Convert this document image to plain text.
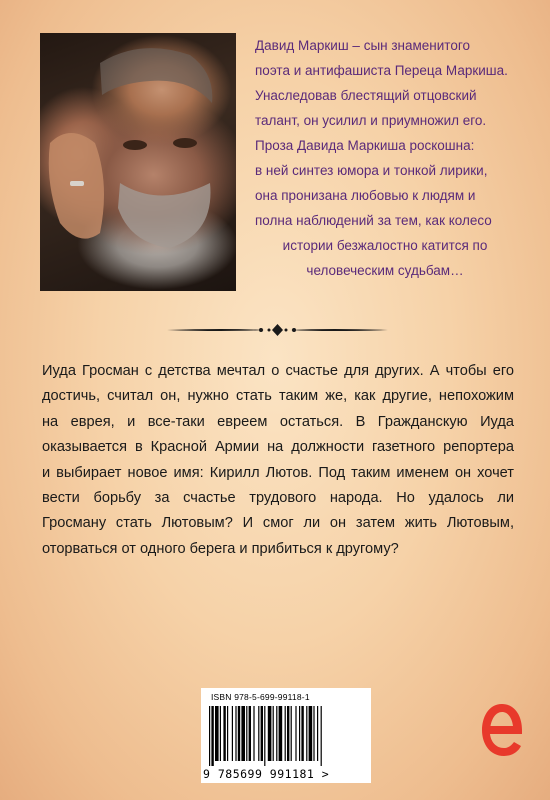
Давид Маркиш – сын знаменитого
поэта и антифашиста Переца Маркиша.
Унаследовав блестящий отцовский
талант, он усилил и приумножил его.
Проза Давида Маркиша роскошна:
в ней синтез юмора и тонкой лирики,
она пронизана любовью к людям и
полна наблюдений за тем, как колесо
истории безжалостно катится по
человеческим судьбам…

Иуда Гросман с детства мечтал о счастье для других. А чтобы его
достичь, считал он, нужно стать таким же, как другие, непохожим
на еврея, и все-таки евреем остаться. В Гражданскую Иуда
оказывается в Красной Армии на должности газетного репортера
и выбирает новое имя: Кирилл Лютов. Под таким именем он хочет
вести борьбу за счастье трудового народа. Но удалось ли
Гросману стать Лютовым? И смог ли он затем жить Лютовым,
оторваться от одного берега и прибиться к другому?

ISBN 978-5-699-99118-1
9 785699 991181 >
